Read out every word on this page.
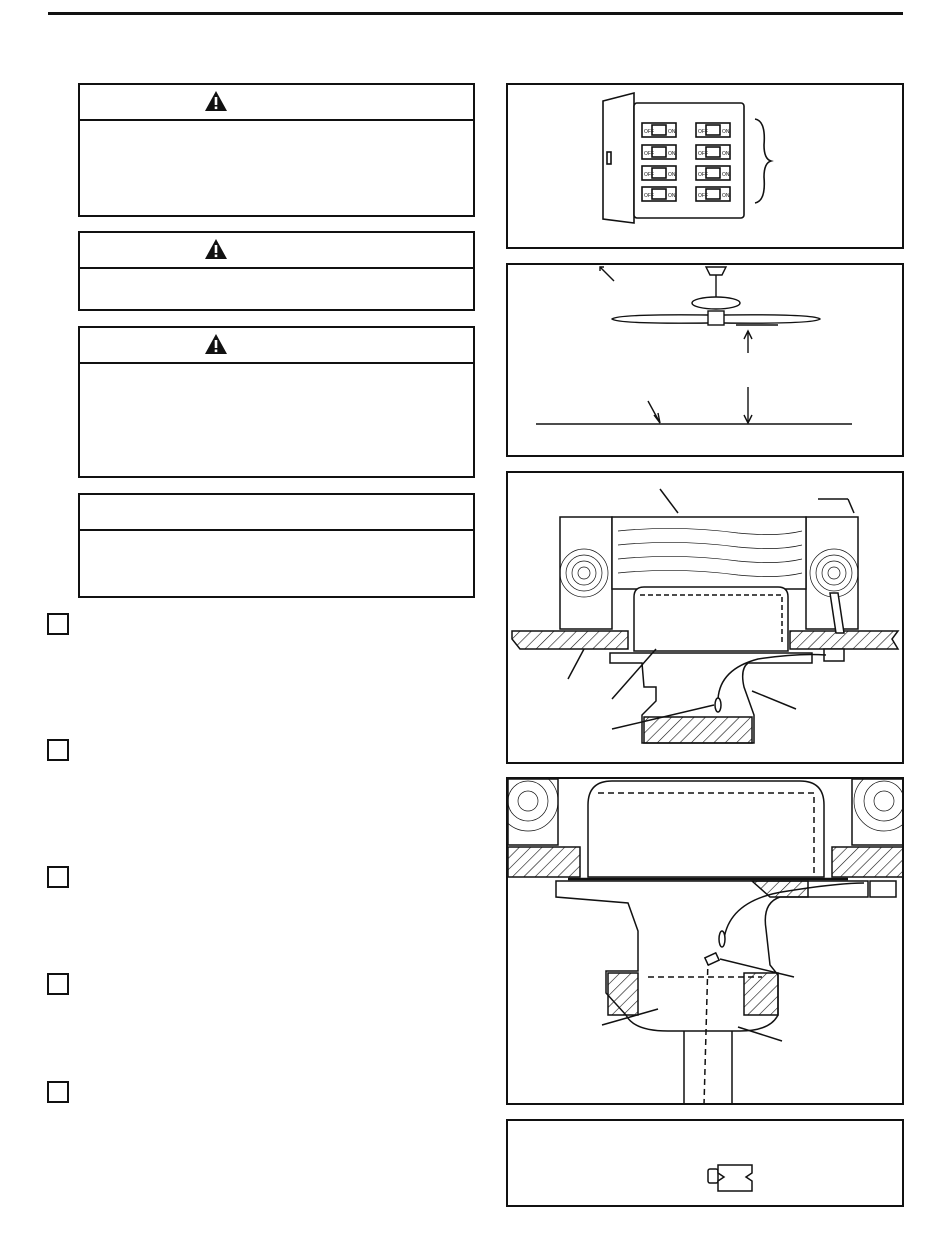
OFF	ON	OFF	ON
OFF	ON	OFF	ON
OFF	ON	OFF	ON
OFF	ON	OFF	ON
